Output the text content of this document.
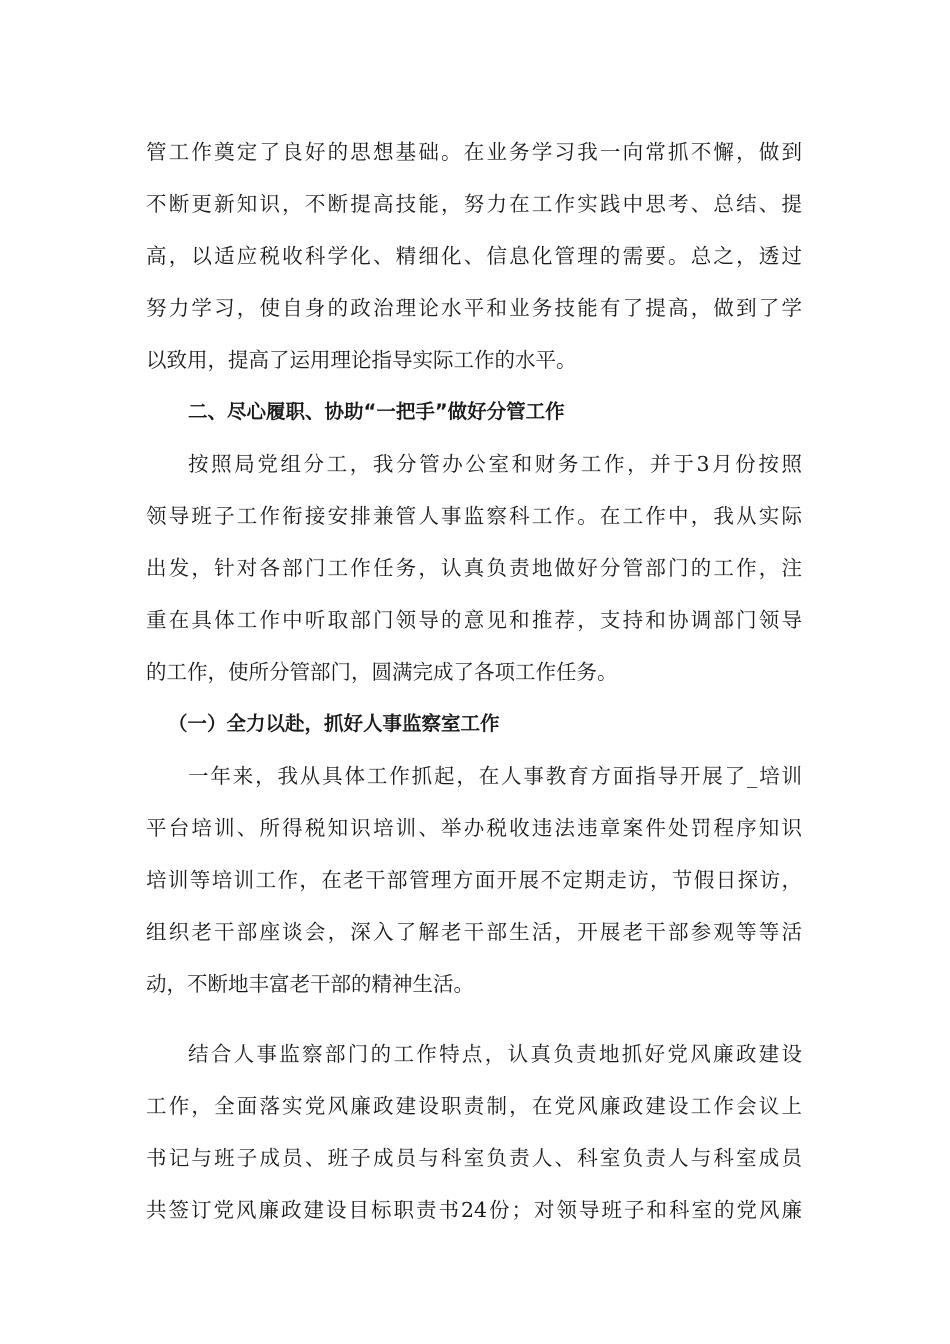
管工作奠定了良好的思想基础。在业务学习我一向常抓不懈，做到
不断更新知识，不断提高技能，努力在工作实践中思考、总结、提
高，以适应税收科学化、精细化、信息化管理的需要。总之，透过
努力学习，使自身的政治理论水平和业务技能有了提高，做到了学
以致用，提高了运用理论指导实际工作的水平。
二、尽心履职、协助“一把手”做好分管工作
按照局党组分工，我分管办公室和财务工作，并于3月份按照
领导班子工作衔接安排兼管人事监察科工作。在工作中，我从实际
出发，针对各部门工作任务，认真负责地做好分管部门的工作，注
重在具体工作中听取部门领导的意见和推荐，支持和协调部门领导
的工作，使所分管部门，圆满完成了各项工作任务。
（一）全力以赴，抓好人事监察室工作
一年来，我从具体工作抓起，在人事教育方面指导开展了_培训
平台培训、所得税知识培训、举办税收违法违章案件处罚程序知识
培训等培训工作，在老干部管理方面开展不定期走访，节假日探访，
组织老干部座谈会，深入了解老干部生活，开展老干部参观等等活
动，不断地丰富老干部的精神生活。
结合人事监察部门的工作特点，认真负责地抓好党风廉政建设
工作，全面落实党风廉政建设职责制，在党风廉政建设工作会议上
书记与班子成员、班子成员与科室负责人、科室负责人与科室成员
共签订党风廉政建设目标职责书24份；对领导班子和科室的党风廉
